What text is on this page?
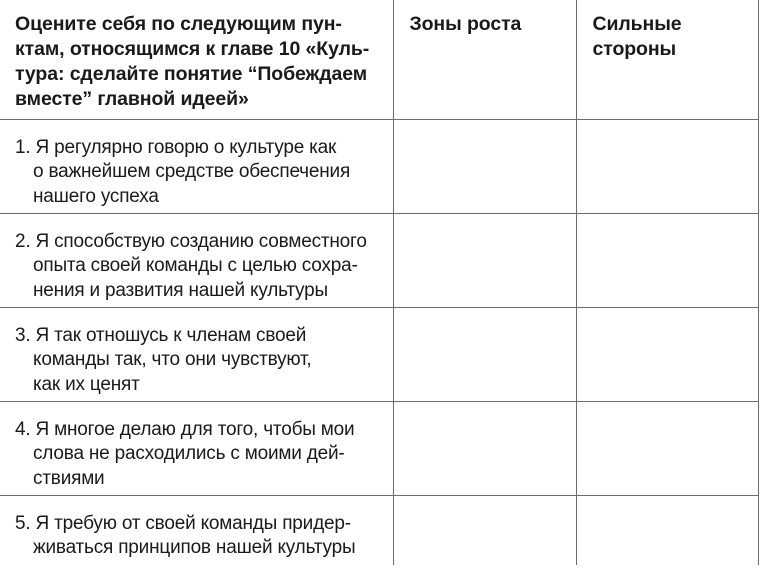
Оцените себя по следующим пун-
ктам, относящимся к главе 10 «Куль-
тура: сделайте понятие “Побеждаем
вместе” главной идеей»	Зоны роста	Сильные
стороны

1. Я регулярно говорю о культуре как
о важнейшем средстве обеспечения
нашего успеха		

2. Я способствую созданию совместного
опыта своей команды с целью сохра-
нения и развития нашей культуры		

3. Я так отношусь к членам своей
команды так, что они чувствуют,
как их ценят		

4. Я многое делаю для того, чтобы мои
слова не расходились с моими дей-
ствиями		

5. Я требую от своей команды придер-
живаться принципов нашей культуры		
